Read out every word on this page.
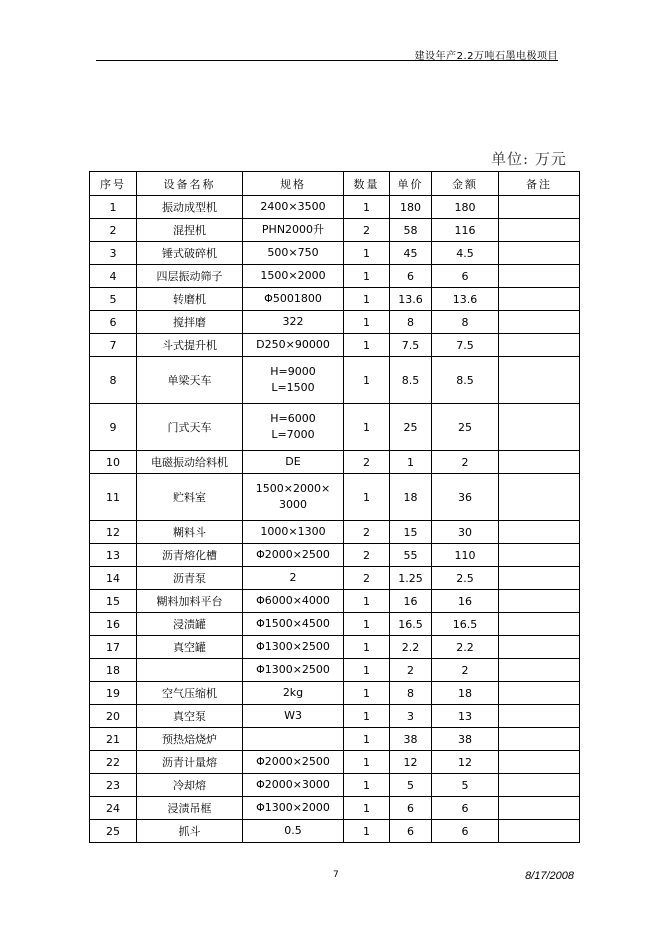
建设年产2.2万吨石墨电极项目
单位: 万元
序号	设备名称	规格	数量	单价	金额	备注
1	振动成型机	2400×3500	1	180	180	
2	混捏机	PHN2000升	2	58	116	
3	锤式破碎机	500×750	1	45	4.5	
4	四层振动筛子	1500×2000	1	6	6	
5	转磨机	Φ5001800	1	13.6	13.6	
6	搅拌磨	322	1	8	8	
7	斗式提升机	D250×90000	1	7.5	7.5	
8	单梁天车	H=9000
L=1500	1	8.5	8.5	
9	门式天车	H=6000
L=7000	1	25	25	
10	电磁振动给料机	DE	2	1	2	
11	贮料室	1500×2000×
3000	1	18	36	
12	糊料斗	1000×1300	2	15	30	
13	沥青熔化槽	Φ2000×2500	2	55	110	
14	沥青泵	2	2	1.25	2.5	
15	糊料加料平台	Φ6000×4000	1	16	16	
16	浸渍罐	Φ1500×4500	1	16.5	16.5	
17	真空罐	Φ1300×2500	1	2.2	2.2	
18		Φ1300×2500	1	2	2	
19	空气压缩机	2kg	1	8	18	
20	真空泵	W3	1	3	13	
21	预热焙烧炉		1	38	38	
22	沥青计量熔	Φ2000×2500	1	12	12	
23	冷却熔	Φ2000×3000	1	5	5	
24	浸渍吊框	Φ1300×2000	1	6	6	
25	抓斗	0.5	1	6	6	
7	8/17/2008
